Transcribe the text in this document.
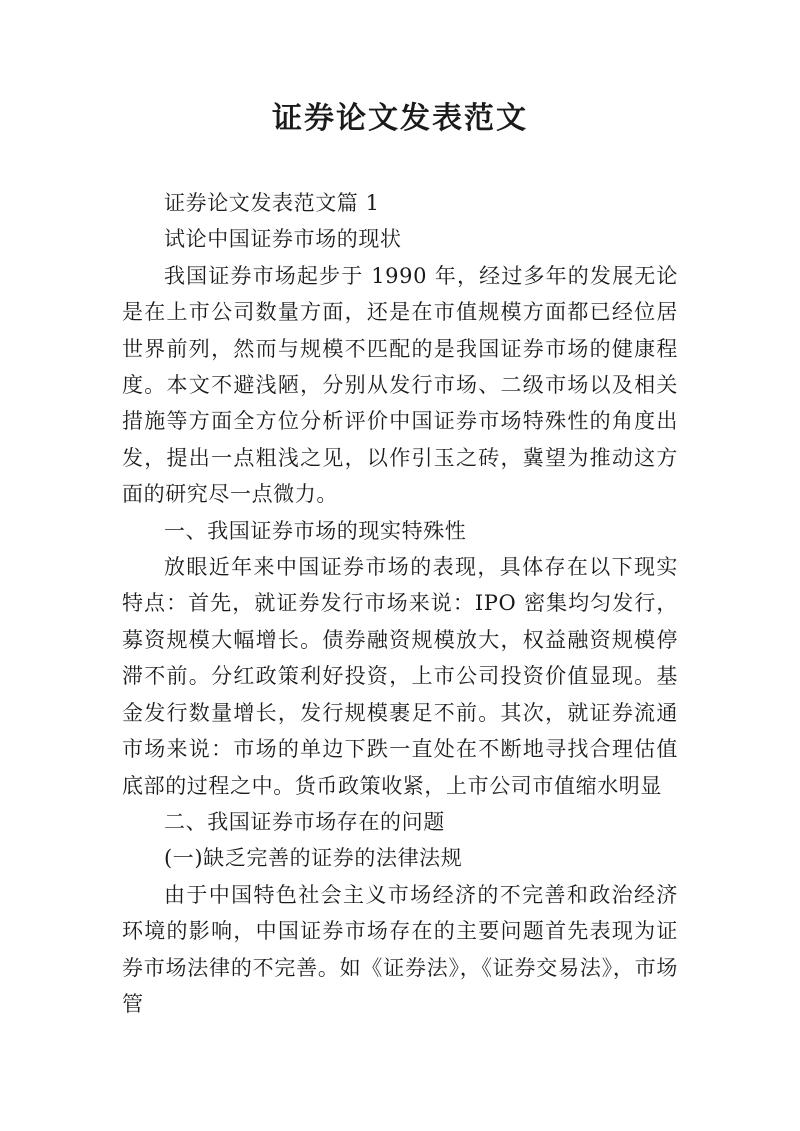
证券论文发表范文

证券论文发表范文篇 1

试论中国证券市场的现状

我国证券市场起步于 1990 年，经过多年的发展无论是在上市公司数量方面，还是在市值规模方面都已经位居世界前列，然而与规模不匹配的是我国证券市场的健康程度。本文不避浅陋，分别从发行市场、二级市场以及相关措施等方面全方位分析评价中国证券市场特殊性的角度出发，提出一点粗浅之见，以作引玉之砖，冀望为推动这方面的研究尽一点微力。

一、我国证券市场的现实特殊性

放眼近年来中国证券市场的表现，具体存在以下现实特点：首先，就证券发行市场来说：IPO 密集均匀发行，募资规模大幅增长。债券融资规模放大，权益融资规模停滞不前。分红政策利好投资，上市公司投资价值显现。基金发行数量增长，发行规模裹足不前。其次，就证券流通市场来说：市场的单边下跌一直处在不断地寻找合理估值底部的过程之中。货币政策收紧，上市公司市值缩水明显

二、我国证券市场存在的问题

(一)缺乏完善的证券的法律法规

由于中国特色社会主义市场经济的不完善和政治经济环境的影响，中国证券市场存在的主要问题首先表现为证券市场法律的不完善。如《证券法》，《证券交易法》，市场管
